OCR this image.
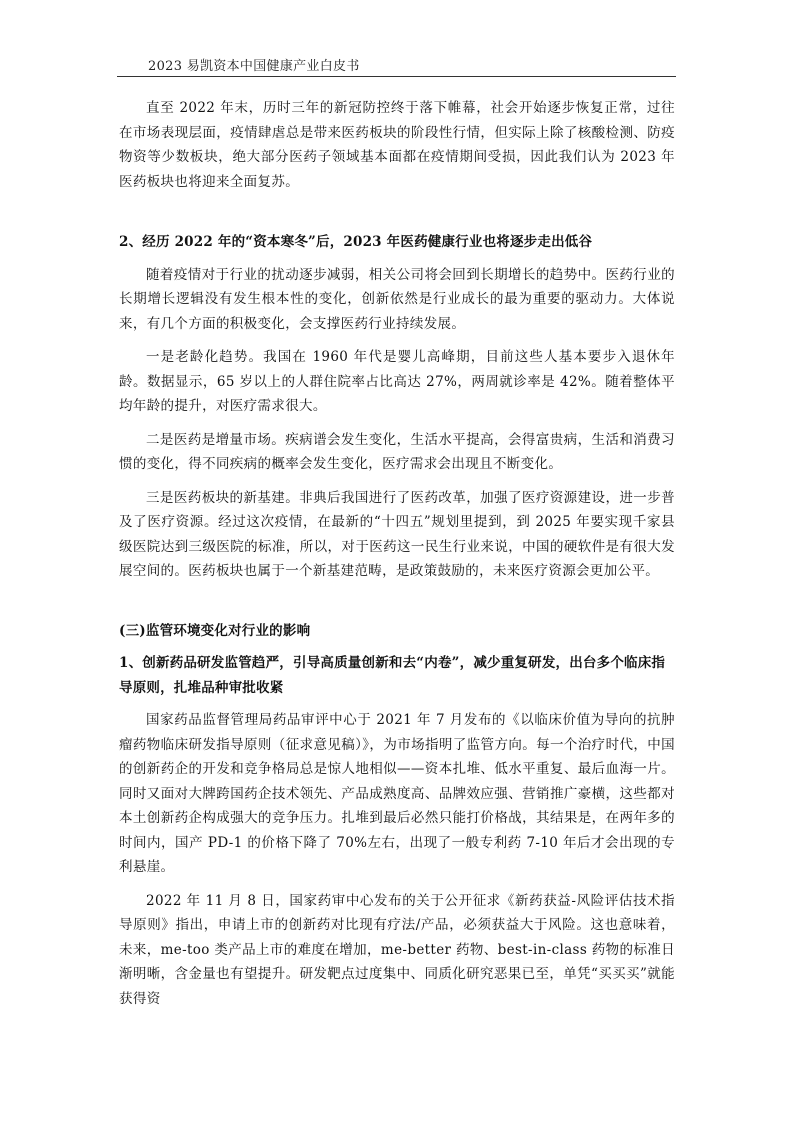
2023 易凯资本中国健康产业白皮书

直至 2022 年末，历时三年的新冠防控终于落下帷幕，社会开始逐步恢复正常，过往在市场表现层面，疫情肆虐总是带来医药板块的阶段性行情，但实际上除了核酸检测、防疫物资等少数板块，绝大部分医药子领域基本面都在疫情期间受损，因此我们认为 2023 年医药板块也将迎来全面复苏。

2、经历 2022 年的“资本寒冬”后，2023 年医药健康行业也将逐步走出低谷

随着疫情对于行业的扰动逐步减弱，相关公司将会回到长期增长的趋势中。医药行业的长期增长逻辑没有发生根本性的变化，创新依然是行业成长的最为重要的驱动力。大体说来，有几个方面的积极变化，会支撑医药行业持续发展。

一是老龄化趋势。我国在 1960 年代是婴儿高峰期，目前这些人基本要步入退休年龄。数据显示，65 岁以上的人群住院率占比高达 27%，两周就诊率是 42%。随着整体平均年龄的提升，对医疗需求很大。

二是医药是增量市场。疾病谱会发生变化，生活水平提高，会得富贵病，生活和消费习惯的变化，得不同疾病的概率会发生变化，医疗需求会出现且不断变化。

三是医药板块的新基建。非典后我国进行了医药改革，加强了医疗资源建设，进一步普及了医疗资源。经过这次疫情，在最新的“十四五”规划里提到，到 2025 年要实现千家县级医院达到三级医院的标准，所以，对于医药这一民生行业来说，中国的硬软件是有很大发展空间的。医药板块也属于一个新基建范畴，是政策鼓励的，未来医疗资源会更加公平。

(三)监管环境变化对行业的影响
1、创新药品研发监管趋严，引导高质量创新和去“内卷”，减少重复研发，出台多个临床指导原则，扎堆品种审批收紧

国家药品监督管理局药品审评中心于 2021 年 7 月发布的《以临床价值为导向的抗肿瘤药物临床研发指导原则（征求意见稿）》，为市场指明了监管方向。每一个治疗时代，中国的创新药企的开发和竞争格局总是惊人地相似——资本扎堆、低水平重复、最后血海一片。同时又面对大牌跨国药企技术领先、产品成熟度高、品牌效应强、营销推广豪横，这些都对本土创新药企构成强大的竞争压力。扎堆到最后必然只能打价格战，其结果是，在两年多的时间内，国产 PD-1 的价格下降了 70%左右，出现了一般专利药 7-10 年后才会出现的专利悬崖。

2022 年 11 月 8 日，国家药审中心发布的关于公开征求《新药获益-风险评估技术指导原则》指出，申请上市的创新药对比现有疗法/产品，必须获益大于风险。这也意味着，未来，me-too 类产品上市的难度在增加，me-better 药物、best-in-class 药物的标准日渐明晰，含金量也有望提升。研发靶点过度集中、同质化研究恶果已至，单凭“买买买”就能获得资
